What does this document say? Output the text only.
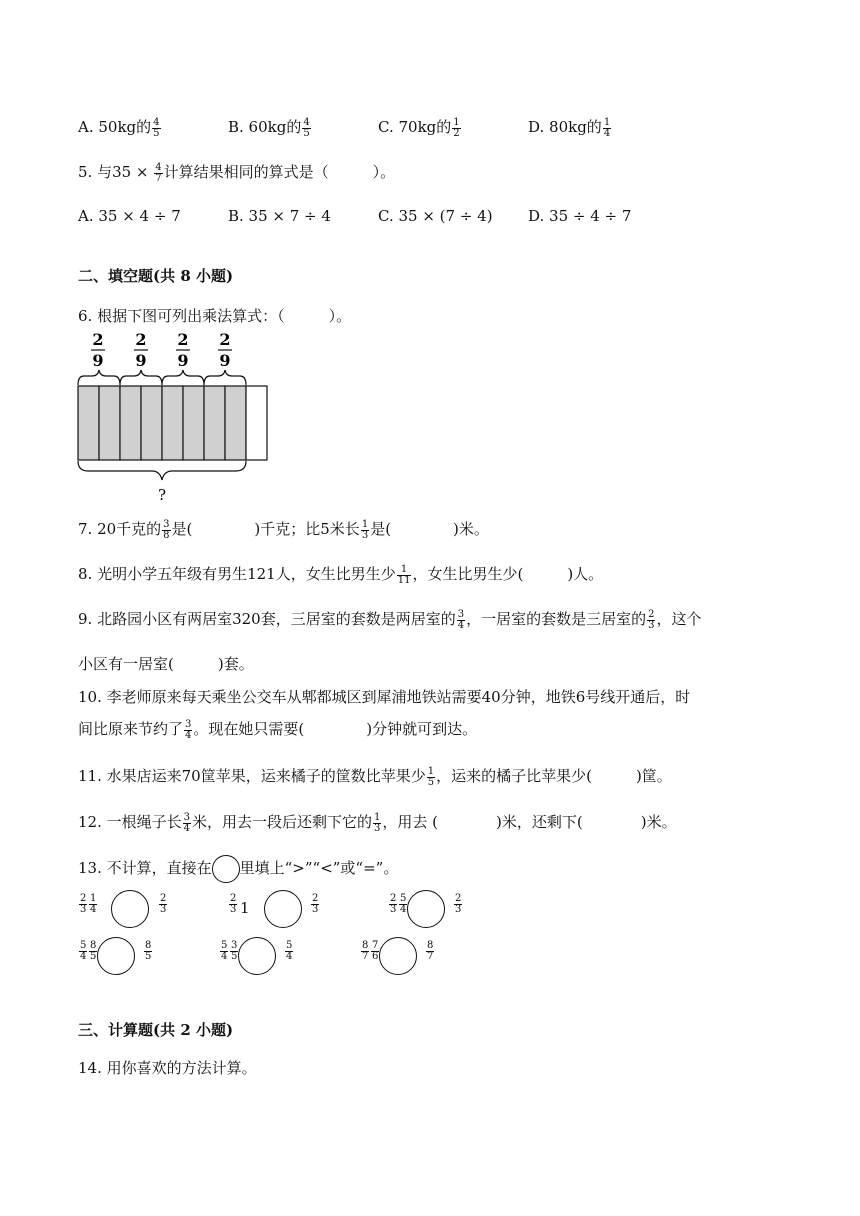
A. 50kg的 $\frac{4}{5}$	B. 60kg的 $\frac{4}{5}$	C. 70kg的 $\frac{1}{2}$	D. 80kg的 $\frac{1}{4}$
5. 与$35 \times \frac{4}{7}$ 计算结果相同的算式是（	）。
A. 35 × 4 ÷ 7	B. 35 × 7 ÷ 4	C. 35 × (7 ÷ 4) D. 35 ÷ 4 ÷ 7
二、填空题(共 8 小题)
6. 根据下图可列出乘法算式：（	）。
2
9
2
9
2
9
2
9
?
7. 20千克的 $\frac{3}{8}$ 是(	)千克；比5米长 $\frac{1}{3}$ 是(	)米。
8. 光明小学五年级有男生121人，女生比男生少 $\frac{1}{11}$ ，女生比男生少(	)人。
9. 北路园小区有两居室320套，三居室的套数是两居室的 $\frac{3}{4}$ ，一居室的套数是三居室的 $\frac{2}{3}$ ，这个
小区有一居室(	)套。
10. 李老师原来每天乘坐公交车从郫都城区到犀浦地铁站需要40分钟，地铁6号线开通后，时
间比原来节约了 $\frac{3}{4}$ 。现在她只需要(	)分钟就可到达。
11. 水果店运来70筐苹果，运来橘子的筐数比苹果少 $\frac{1}{5}$ ，运来的橘子比苹果少(	)筐。
12. 一根绳子长 $\frac{3}{4}$ 米，用去一段后还剩下它的 $\frac{1}{3}$ ，用去 (	)米，还剩下(	)米。
13. 不计算，直接在 里填上“>”“<”或“=”。
$\frac{2}{3} \frac{1}{4}$	$\frac{2}{3}$	$\frac{2}{3} 1$	$\frac{2}{3}$	$\frac{2}{3} \frac{5}{4}$	$\frac{2}{3}$
$\frac{5}{4} \frac{8}{5}$	$\frac{8}{5}$	$\frac{5}{4} \frac{3}{5}$	$\frac{5}{4}$	$\frac{8}{7} \frac{7}{6}$	$\frac{8}{7}$
三、计算题(共 2 小题)
14. 用你喜欢的方法计算。
